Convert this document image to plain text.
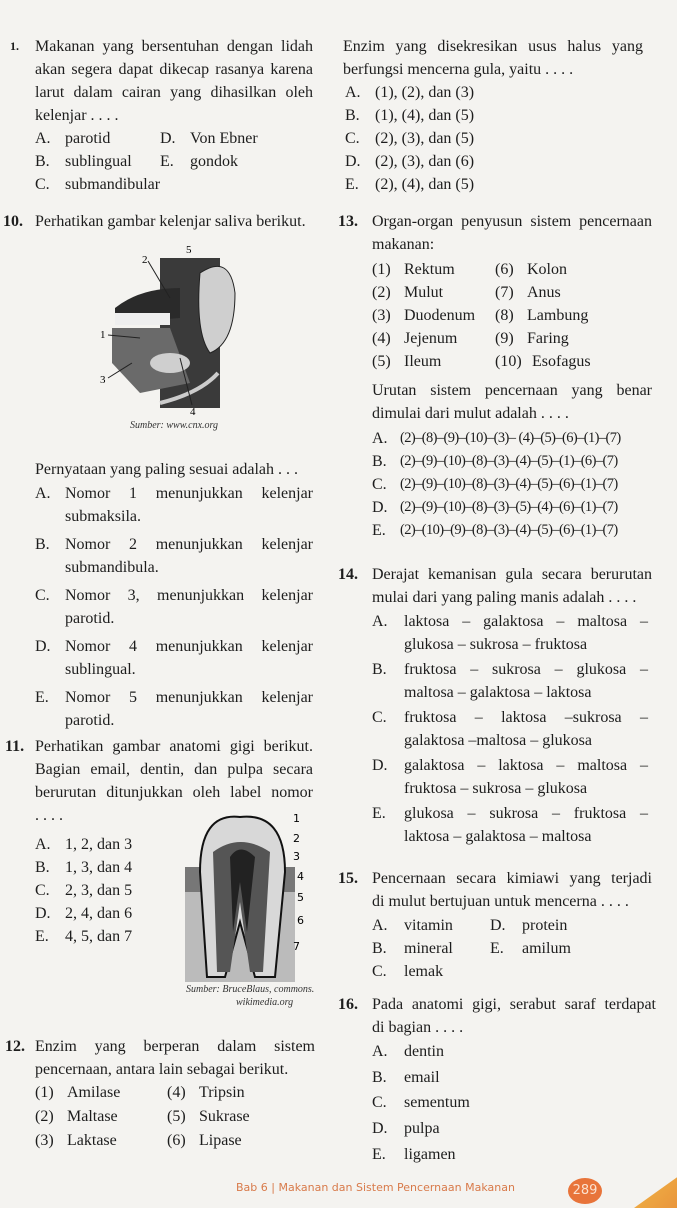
2
5
1
3
4
1
2
3
4
5
6
7
1. Makanan yang bersentuhan dengan lidah
akan segera dapat dikecap rasanya karena
larut dalam cairan yang dihasilkan oleh
kelenjar . . . .
A. parotid	D. Von Ebner
B. sublingual E. gondok
C. submandibular
10. Perhatikan gambar kelenjar saliva berikut.
Sumber: www.cnx.org
Pernyataan yang paling sesuai adalah . . .
A. Nomor 1 menunjukkan kelenjar
submaksila.
B. Nomor 2 menunjukkan kelenjar
submandibula.
C. Nomor 3, menunjukkan kelenjar
parotid.
D. Nomor 4 menunjukkan kelenjar
sublingual.
E. Nomor 5 menunjukkan kelenjar
parotid.
11. Perhatikan gambar anatomi gigi berikut.
Bagian email, dentin, dan pulpa secara
berurutan ditunjukkan oleh label nomor
. . . .
A. 1, 2, dan 3
B. 1, 3, dan 4
C. 2, 3, dan 5
D. 2, 4, dan 6
E. 4, 5, dan 7
Sumber: BruceBlaus, commons.
wikimedia.org
12. Enzim yang berperan dalam sistem
pencernaan, antara lain sebagai berikut.
(1) Amilase	(4) Tripsin
(2) Maltase	(5) Sukrase
(3) Laktase	(6) Lipase
Enzim yang disekresikan usus halus yang
berfungsi mencerna gula, yaitu . . . .
A. (1), (2), dan (3)
B. (1), (4), dan (5)
C. (2), (3), dan (5)
D. (2), (3), dan (6)
E. (2), (4), dan (5)
13. Organ-organ penyusun sistem pencernaan
makanan:
(1) Rektum	(6) Kolon
(2) Mulut	(7) Anus
(3) Duodenum (8) Lambung
(4) Jejenum (9) Faring
(5) Ileum	(10) Esofagus
Urutan sistem pencernaan yang benar
dimulai dari mulut adalah . . . .
A. (2)–(8)–(9)–(10)–(3)– (4)–(5)–(6)–(1)–(7)
B. (2)–(9)–(10)–(8)–(3)–(4)–(5)–(1)–(6)–(7)
C. (2)–(9)–(10)–(8)–(3)–(4)–(5)–(6)–(1)–(7)
D. (2)–(9)–(10)–(8)–(3)–(5)–(4)–(6)–(1)–(7)
E. (2)–(10)–(9)–(8)–(3)–(4)–(5)–(6)–(1)–(7)
14. Derajat kemanisan gula secara berurutan
mulai dari yang paling manis adalah . . . .
A. laktosa – galaktosa – maltosa –
glukosa – sukrosa – fruktosa
B. fruktosa – sukrosa – glukosa –
maltosa – galaktosa – laktosa
C. fruktosa – laktosa –sukrosa –
galaktosa –maltosa – glukosa
D. galaktosa – laktosa – maltosa –
fruktosa – sukrosa – glukosa
E. glukosa – sukrosa – fruktosa –
laktosa – galaktosa – maltosa
15. Pencernaan secara kimiawi yang terjadi
di mulut bertujuan untuk mencerna . . . .
A. vitamin D. protein
B. mineral E. amilum
C. lemak
16. Pada anatomi gigi, serabut saraf terdapat
di bagian . . . .
A. dentin
B. email
C. sementum
D. pulpa
E. ligamen
Bab 6 | Makanan dan Sistem Pencernaan Makanan	289
